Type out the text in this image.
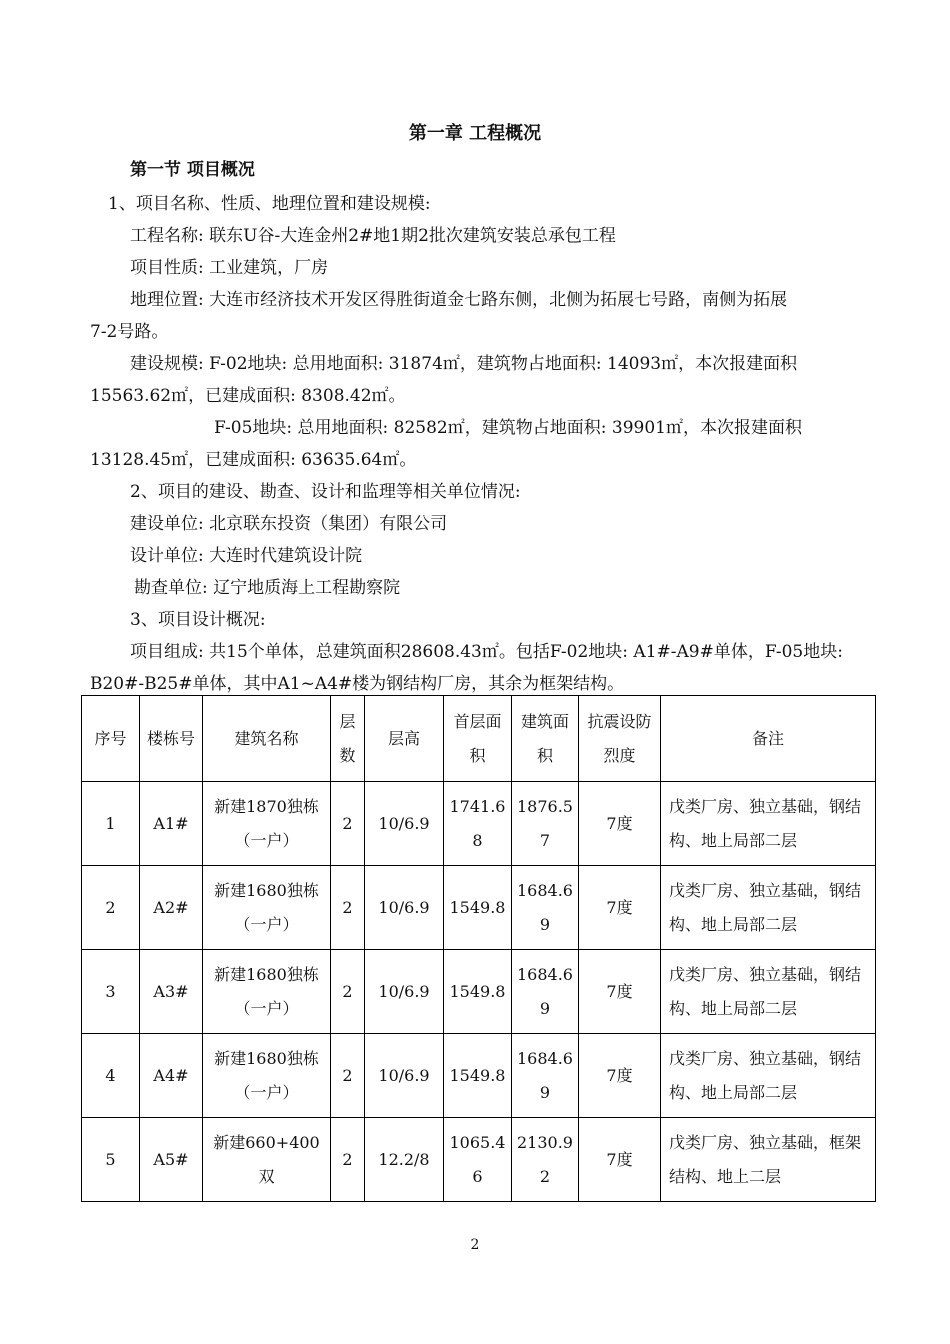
第一章 工程概况
第一节 项目概况
1、项目名称、性质、地理位置和建设规模:
工程名称: 联东U谷-大连金州2#地1期2批次建筑安装总承包工程
项目性质: 工业建筑，厂房
地理位置: 大连市经济技术开发区得胜街道金七路东侧，北侧为拓展七号路，南侧为拓展
7-2号路。
建设规模: F-02地块: 总用地面积: 31874㎡，建筑物占地面积: 14093㎡，本次报建面积
15563.62㎡，已建成面积: 8308.42㎡。
F-05地块: 总用地面积: 82582㎡，建筑物占地面积: 39901㎡，本次报建面积
13128.45㎡，已建成面积: 63635.64㎡。
2、项目的建设、勘查、设计和监理等相关单位情况:
建设单位: 北京联东投资（集团）有限公司
设计单位: 大连时代建筑设计院
勘查单位: 辽宁地质海上工程勘察院
3、项目设计概况:
项目组成: 共15个单体，总建筑面积28608.43㎡。包括F-02地块: A1#-A9#单体，F-05地块:
B20#-B25#单体，其中A1~A4#楼为钢结构厂房，其余为框架结构。
序号	楼栋号	建筑名称	层数	层高	首层面积	建筑面积	抗震设防烈度	备注
1	A1#	新建1870独栋（一户）	2	10/6.9	1741.68	1876.57	7度	戊类厂房、独立基础，钢结构、地上局部二层
2	A2#	新建1680独栋（一户）	2	10/6.9	1549.8	1684.69	7度	戊类厂房、独立基础，钢结构、地上局部二层
3	A3#	新建1680独栋（一户）	2	10/6.9	1549.8	1684.69	7度	戊类厂房、独立基础，钢结构、地上局部二层
4	A4#	新建1680独栋（一户）	2	10/6.9	1549.8	1684.69	7度	戊类厂房、独立基础，钢结构、地上局部二层
5	A5#	新建660+400双	2	12.2/8	1065.46	2130.92	7度	戊类厂房、独立基础，框架结构、地上二层
2
